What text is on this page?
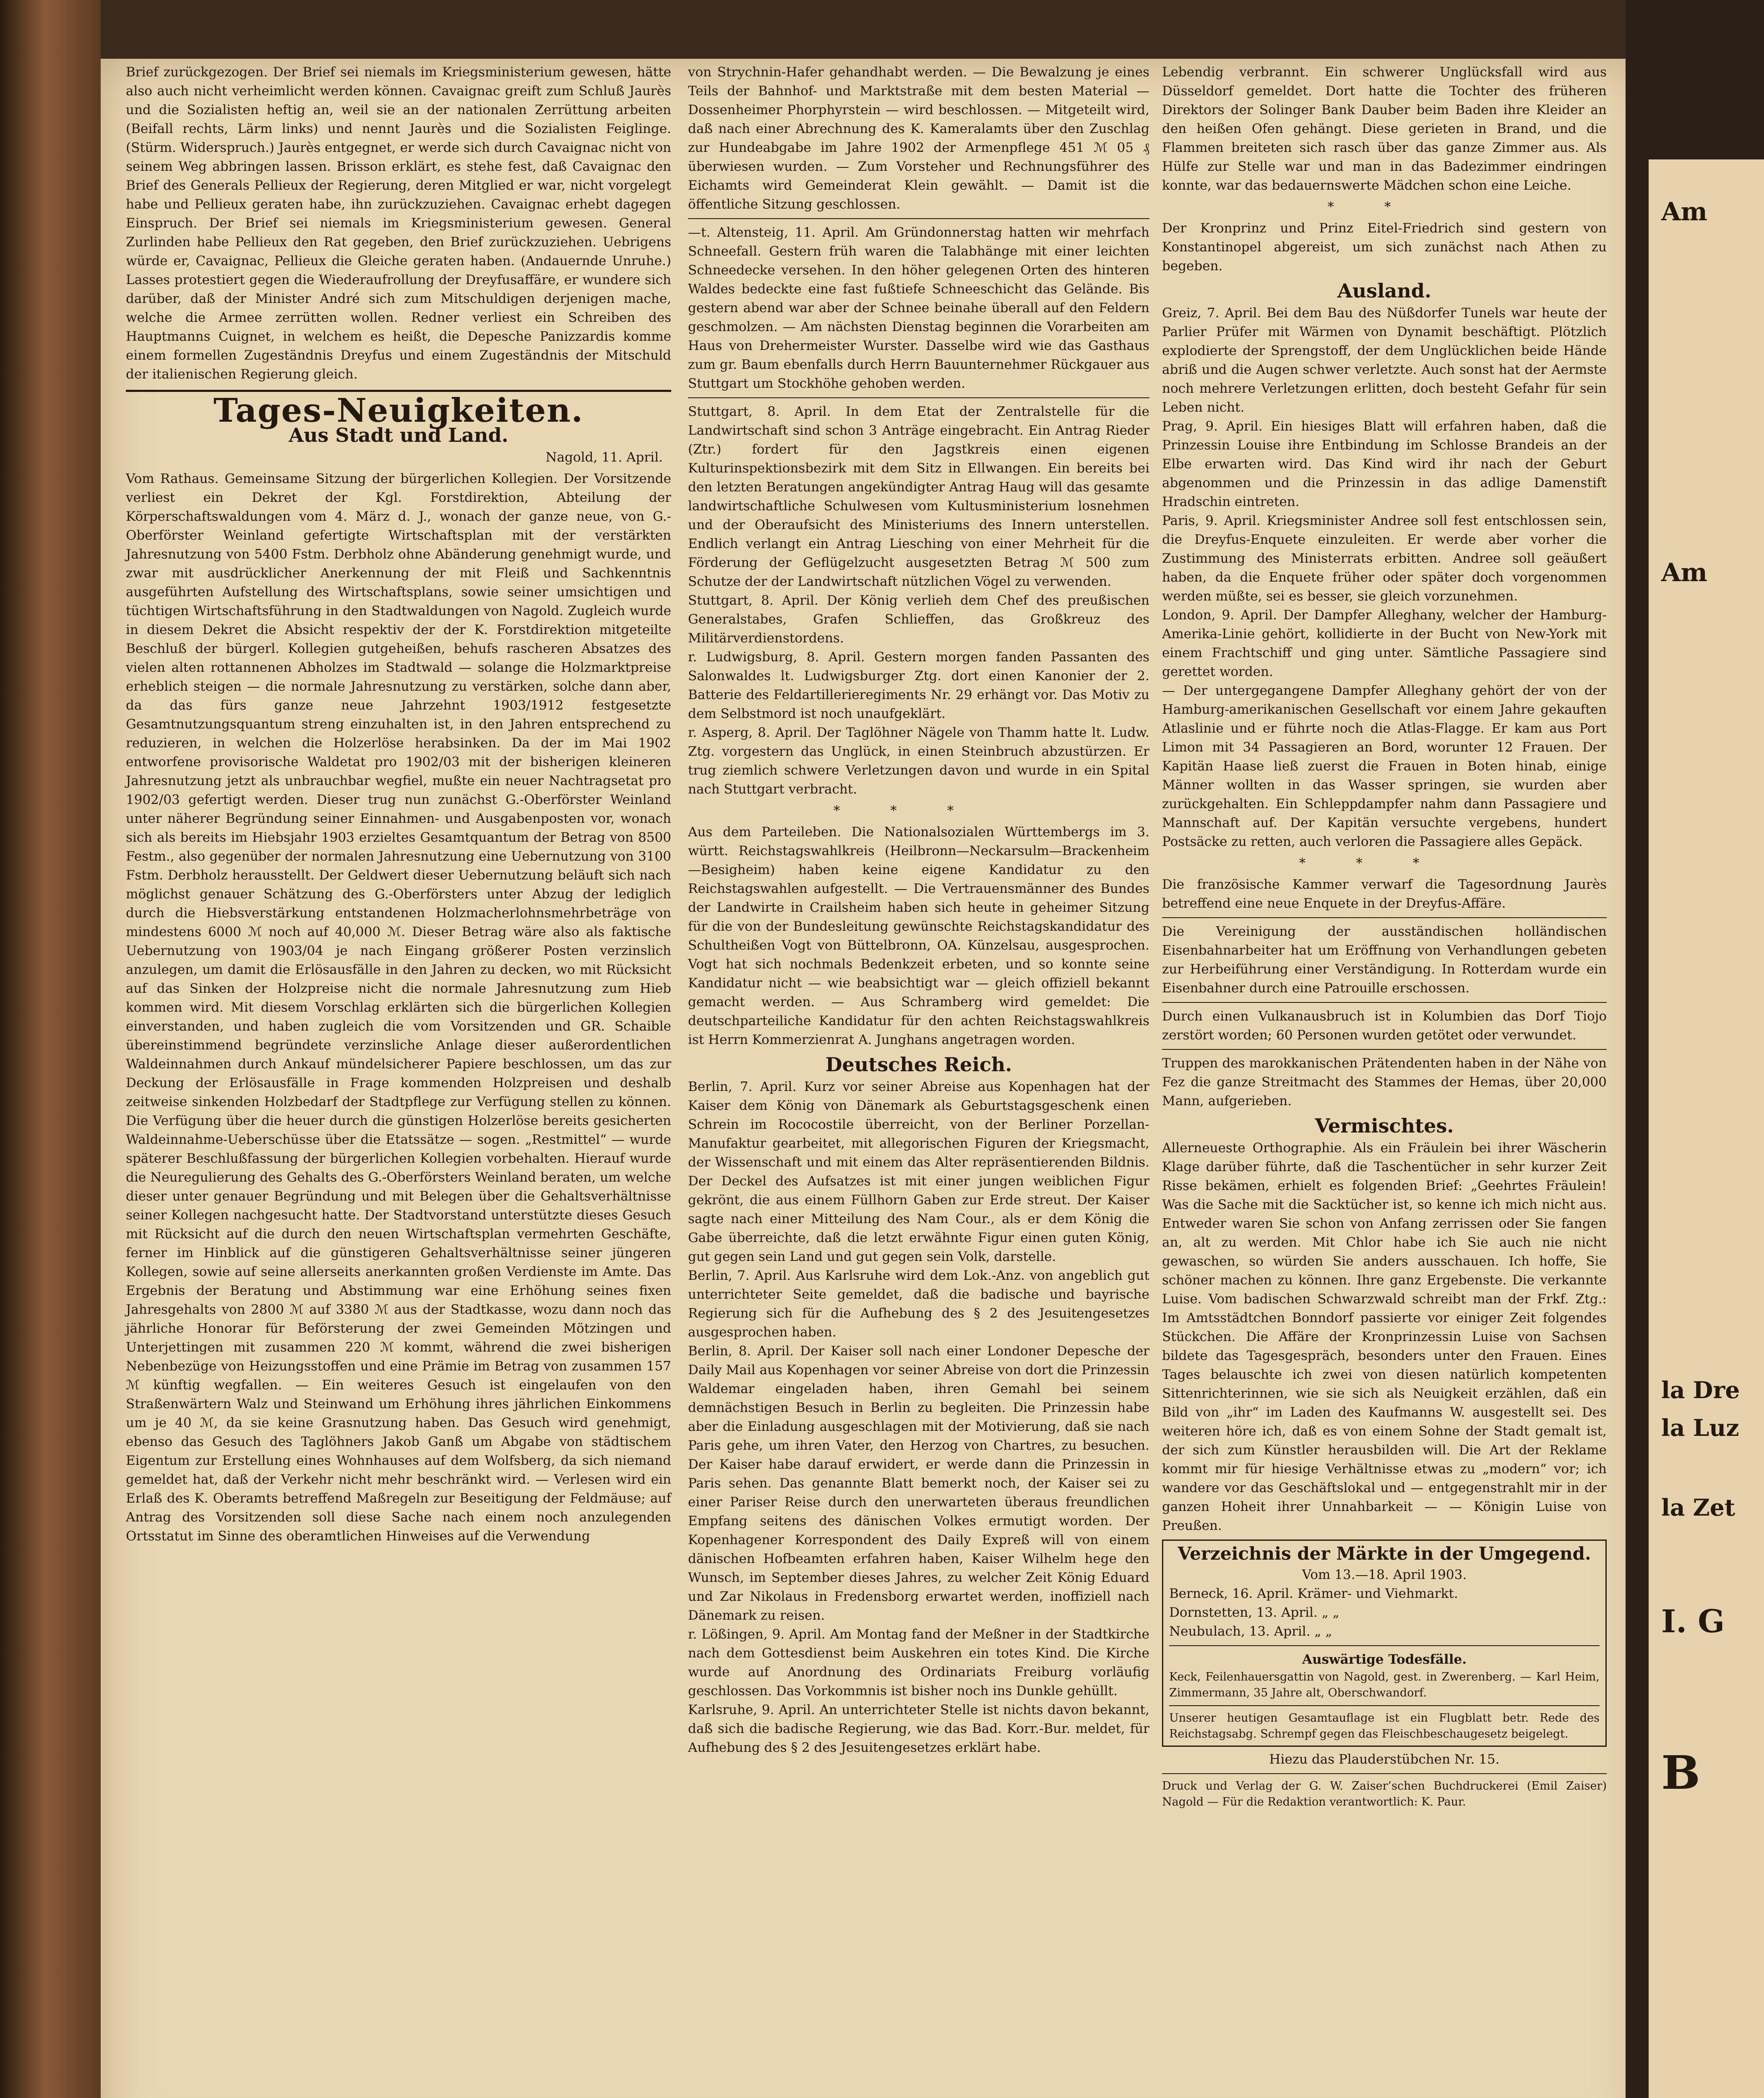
Am
Am
la Dre
la Luz
la Zet
I. G
B

Brief zurückgezogen. Der Brief sei niemals im Kriegsministerium gewesen, hätte also auch nicht verheimlicht werden können. Cavaignac greift zum Schluß Jaurès und die Sozialisten heftig an, weil sie an der nationalen Zerrüttung arbeiten (Beifall rechts, Lärm links) und nennt Jaurès und die Sozialisten Feiglinge. (Stürm. Widerspruch.) Jaurès entgegnet, er werde sich durch Cavaignac nicht von seinem Weg abbringen lassen. Brisson erklärt, es stehe fest, daß Cavaignac den Brief des Generals Pellieux der Regierung, deren Mitglied er war, nicht vorgelegt habe und Pellieux geraten habe, ihn zurückzuziehen. Cavaignac erhebt dagegen Einspruch. Der Brief sei niemals im Kriegsministerium gewesen. General Zurlinden habe Pellieux den Rat gegeben, den Brief zurückzuziehen. Uebrigens würde er, Cavaignac, Pellieux die Gleiche geraten haben. (Andauernde Unruhe.) Lasses protestiert gegen die Wiederaufrollung der Dreyfusaffäre, er wundere sich darüber, daß der Minister André sich zum Mitschuldigen derjenigen mache, welche die Armee zerrütten wollen. Redner verliest ein Schreiben des Hauptmanns Cuignet, in welchem es heißt, die Depesche Panizzardis komme einem formellen Zugeständnis Dreyfus und einem Zugeständnis der Mitschuld der italienischen Regierung gleich.

Tages-Neuigkeiten.
Aus Stadt und Land.
Nagold, 11. April.

Vom Rathaus. Gemeinsame Sitzung der bürgerlichen Kollegien. Der Vorsitzende verliest ein Dekret der Kgl. Forstdirektion, Abteilung der Körperschaftswaldungen vom 4. März d. J., wonach der ganze neue, von G.-Oberförster Weinland gefertigte Wirtschaftsplan mit der verstärkten Jahresnutzung von 5400 Fstm. Derbholz ohne Abänderung genehmigt wurde, und zwar mit ausdrücklicher Anerkennung der mit Fleiß und Sachkenntnis ausgeführten Aufstellung des Wirtschaftsplans, sowie seiner umsichtigen und tüchtigen Wirtschaftsführung in den Stadtwaldungen von Nagold. Zugleich wurde in diesem Dekret die Absicht respektiv der der K. Forstdirektion mitgeteilte Beschluß der bürgerl. Kollegien gutgeheißen, behufs rascheren Absatzes des vielen alten rottannenen Abholzes im Stadtwald — solange die Holzmarktpreise erheblich steigen — die normale Jahresnutzung zu verstärken, solche dann aber, da das fürs ganze neue Jahrzehnt 1903/1912 festgesetzte Gesamtnutzungsquantum streng einzuhalten ist, in den Jahren entsprechend zu reduzieren, in welchen die Holzerlöse herabsinken. Da der im Mai 1902 entworfene provisorische Waldetat pro 1902/03 mit der bisherigen kleineren Jahresnutzung jetzt als unbrauchbar wegfiel, mußte ein neuer Nachtragsetat pro 1902/03 gefertigt werden. Dieser trug nun zunächst G.-Oberförster Weinland unter näherer Begründung seiner Einnahmen- und Ausgabenposten vor, wonach sich als bereits im Hiebsjahr 1903 erzieltes Gesamtquantum der Betrag von 8500 Festm., also gegenüber der normalen Jahresnutzung eine Uebernutzung von 3100 Fstm. Derbholz herausstellt. Der Geldwert dieser Uebernutzung beläuft sich nach möglichst genauer Schätzung des G.-Oberförsters unter Abzug der lediglich durch die Hiebsverstärkung entstandenen Holzmacherlohnsmehrbeträge von mindestens 6000 ℳ noch auf 40,000 ℳ. Dieser Betrag wäre also als faktische Uebernutzung von 1903/04 je nach Eingang größerer Posten verzinslich anzulegen, um damit die Erlösausfälle in den Jahren zu decken, wo mit Rücksicht auf das Sinken der Holzpreise nicht die normale Jahresnutzung zum Hieb kommen wird. Mit diesem Vorschlag erklärten sich die bürgerlichen Kollegien einverstanden, und haben zugleich die vom Vorsitzenden und GR. Schaible übereinstimmend begründete verzinsliche Anlage dieser außerordentlichen Waldeinnahmen durch Ankauf mündelsicherer Papiere beschlossen, um das zur Deckung der Erlösausfälle in Frage kommenden Holzpreisen und deshalb zeitweise sinkenden Holzbedarf der Stadtpflege zur Verfügung stellen zu können. Die Verfügung über die heuer durch die günstigen Holzerlöse bereits gesicherten Waldeinnahme-Ueberschüsse über die Etatssätze — sogen. „Restmittel“ — wurde späterer Beschlußfassung der bürgerlichen Kollegien vorbehalten. Hierauf wurde die Neuregulierung des Gehalts des G.-Oberförsters Weinland beraten, um welche dieser unter genauer Begründung und mit Belegen über die Gehaltsverhältnisse seiner Kollegen nachgesucht hatte. Der Stadtvorstand unterstützte dieses Gesuch mit Rücksicht auf die durch den neuen Wirtschaftsplan vermehrten Geschäfte, ferner im Hinblick auf die günstigeren Gehaltsverhältnisse seiner jüngeren Kollegen, sowie auf seine allerseits anerkannten großen Verdienste im Amte. Das Ergebnis der Beratung und Abstimmung war eine Erhöhung seines fixen Jahresgehalts von 2800 ℳ auf 3380 ℳ aus der Stadtkasse, wozu dann noch das jährliche Honorar für Beförsterung der zwei Gemeinden Mötzingen und Unterjettingen mit zusammen 220 ℳ kommt, während die zwei bisherigen Nebenbezüge von Heizungsstoffen und eine Prämie im Betrag von zusammen 157 ℳ künftig wegfallen. — Ein weiteres Gesuch ist eingelaufen von den Straßenwärtern Walz und Steinwand um Erhöhung ihres jährlichen Einkommens um je 40 ℳ, da sie keine Grasnutzung haben. Das Gesuch wird genehmigt, ebenso das Gesuch des Taglöhners Jakob Ganß um Abgabe von städtischem Eigentum zur Erstellung eines Wohnhauses auf dem Wolfsberg, da sich niemand gemeldet hat, daß der Verkehr nicht mehr beschränkt wird. — Verlesen wird ein Erlaß des K. Oberamts betreffend Maßregeln zur Beseitigung der Feldmäuse; auf Antrag des Vorsitzenden soll diese Sache nach einem noch anzulegenden Ortsstatut im Sinne des oberamtlichen Hinweises auf die Verwendung

von Strychnin-Hafer gehandhabt werden. — Die Bewalzung je eines Teils der Bahnhof- und Marktstraße mit dem besten Material — Dossenheimer Phorphyrstein — wird beschlossen. — Mitgeteilt wird, daß nach einer Abrechnung des K. Kameralamts über den Zuschlag zur Hundeabgabe im Jahre 1902 der Armenpflege 451 ℳ 05 ₰ überwiesen wurden. — Zum Vorsteher und Rechnungsführer des Eichamts wird Gemeinderat Klein gewählt. — Damit ist die öffentliche Sitzung geschlossen.

—t. Altensteig, 11. April. Am Gründonnerstag hatten wir mehrfach Schneefall. Gestern früh waren die Talabhänge mit einer leichten Schneedecke versehen. In den höher gelegenen Orten des hinteren Waldes bedeckte eine fast fußtiefe Schneeschicht das Gelände. Bis gestern abend war aber der Schnee beinahe überall auf den Feldern geschmolzen. — Am nächsten Dienstag beginnen die Vorarbeiten am Haus von Drehermeister Wurster. Dasselbe wird wie das Gasthaus zum gr. Baum ebenfalls durch Herrn Bauunternehmer Rückgauer aus Stuttgart um Stockhöhe gehoben werden.

Stuttgart, 8. April. In dem Etat der Zentralstelle für die Landwirtschaft sind schon 3 Anträge eingebracht. Ein Antrag Rieder (Ztr.) fordert für den Jagstkreis einen eigenen Kulturinspektionsbezirk mit dem Sitz in Ellwangen. Ein bereits bei den letzten Beratungen angekündigter Antrag Haug will das gesamte landwirtschaftliche Schulwesen vom Kultusministerium losnehmen und der Oberaufsicht des Ministeriums des Innern unterstellen. Endlich verlangt ein Antrag Liesching von einer Mehrheit für die Förderung der Geflügelzucht ausgesetzten Betrag ℳ 500 zum Schutze der der Landwirtschaft nützlichen Vögel zu verwenden.
Stuttgart, 8. April. Der König verlieh dem Chef des preußischen Generalstabes, Grafen Schlieffen, das Großkreuz des Militärverdienstordens.
r. Ludwigsburg, 8. April. Gestern morgen fanden Passanten des Salonwaldes lt. Ludwigsburger Ztg. dort einen Kanonier der 2. Batterie des Feldartillerieregiments Nr. 29 erhängt vor. Das Motiv zu dem Selbstmord ist noch unaufgeklärt.
r. Asperg, 8. April. Der Taglöhner Nägele von Thamm hatte lt. Ludw. Ztg. vorgestern das Unglück, in einen Steinbruch abzustürzen. Er trug ziemlich schwere Verletzungen davon und wurde in ein Spital nach Stuttgart verbracht.
***

Aus dem Parteileben. Die Nationalsozialen Württembergs im 3. württ. Reichstagswahlkreis (Heilbronn—Neckarsulm—Brackenheim—Besigheim) haben keine eigene Kandidatur zu den Reichstagswahlen aufgestellt. — Die Vertrauensmänner des Bundes der Landwirte in Crailsheim haben sich heute in geheimer Sitzung für die von der Bundesleitung gewünschte Reichstagskandidatur des Schultheißen Vogt von Büttelbronn, OA. Künzelsau, ausgesprochen. Vogt hat sich nochmals Bedenkzeit erbeten, und so konnte seine Kandidatur nicht — wie beabsichtigt war — gleich offiziell bekannt gemacht werden. — Aus Schramberg wird gemeldet: Die deutschparteiliche Kandidatur für den achten Reichstagswahlkreis ist Herrn Kommerzienrat A. Junghans angetragen worden.

Deutsches Reich.
Berlin, 7. April. Kurz vor seiner Abreise aus Kopenhagen hat der Kaiser dem König von Dänemark als Geburtstagsgeschenk einen Schrein im Rococostile überreicht, von der Berliner Porzellan-Manufaktur gearbeitet, mit allegorischen Figuren der Kriegsmacht, der Wissenschaft und mit einem das Alter repräsentierenden Bildnis. Der Deckel des Aufsatzes ist mit einer jungen weiblichen Figur gekrönt, die aus einem Füllhorn Gaben zur Erde streut. Der Kaiser sagte nach einer Mitteilung des Nam Cour., als er dem König die Gabe überreichte, daß die letzt erwähnte Figur einen guten König, gut gegen sein Land und gut gegen sein Volk, darstelle.
Berlin, 7. April. Aus Karlsruhe wird dem Lok.-Anz. von angeblich gut unterrichteter Seite gemeldet, daß die badische und bayrische Regierung sich für die Aufhebung des § 2 des Jesuitengesetzes ausgesprochen haben.
Berlin, 8. April. Der Kaiser soll nach einer Londoner Depesche der Daily Mail aus Kopenhagen vor seiner Abreise von dort die Prinzessin Waldemar eingeladen haben, ihren Gemahl bei seinem demnächstigen Besuch in Berlin zu begleiten. Die Prinzessin habe aber die Einladung ausgeschlagen mit der Motivierung, daß sie nach Paris gehe, um ihren Vater, den Herzog von Chartres, zu besuchen. Der Kaiser habe darauf erwidert, er werde dann die Prinzessin in Paris sehen. Das genannte Blatt bemerkt noch, der Kaiser sei zu einer Pariser Reise durch den unerwarteten überaus freundlichen Empfang seitens des dänischen Volkes ermutigt worden. Der Kopenhagener Korrespondent des Daily Expreß will von einem dänischen Hofbeamten erfahren haben, Kaiser Wilhelm hege den Wunsch, im September dieses Jahres, zu welcher Zeit König Eduard und Zar Nikolaus in Fredensborg erwartet werden, inoffiziell nach Dänemark zu reisen.
r. Lößingen, 9. April. Am Montag fand der Meßner in der Stadtkirche nach dem Gottesdienst beim Auskehren ein totes Kind. Die Kirche wurde auf Anordnung des Ordinariats Freiburg vorläufig geschlossen. Das Vorkommnis ist bisher noch ins Dunkle gehüllt.
Karlsruhe, 9. April. An unterrichteter Stelle ist nichts davon bekannt, daß sich die badische Regierung, wie das Bad. Korr.-Bur. meldet, für Aufhebung des § 2 des Jesuitengesetzes erklärt habe.

Lebendig verbrannt. Ein schwerer Unglücksfall wird aus Düsseldorf gemeldet. Dort hatte die Tochter des früheren Direktors der Solinger Bank Dauber beim Baden ihre Kleider an den heißen Ofen gehängt. Diese gerieten in Brand, und die Flammen breiteten sich rasch über das ganze Zimmer aus. Als Hülfe zur Stelle war und man in das Badezimmer eindringen konnte, war das bedauernswerte Mädchen schon eine Leiche.

**

Der Kronprinz und Prinz Eitel-Friedrich sind gestern von Konstantinopel abgereist, um sich zunächst nach Athen zu begeben.

Ausland.
Greiz, 7. April. Bei dem Bau des Nüßdorfer Tunels war heute der Parlier Prüfer mit Wärmen von Dynamit beschäftigt. Plötzlich explodierte der Sprengstoff, der dem Unglücklichen beide Hände abriß und die Augen schwer verletzte. Auch sonst hat der Aermste noch mehrere Verletzungen erlitten, doch besteht Gefahr für sein Leben nicht.
Prag, 9. April. Ein hiesiges Blatt will erfahren haben, daß die Prinzessin Louise ihre Entbindung im Schlosse Brandeis an der Elbe erwarten wird. Das Kind wird ihr nach der Geburt abgenommen und die Prinzessin in das adlige Damenstift Hradschin eintreten.
Paris, 9. April. Kriegsminister Andree soll fest entschlossen sein, die Dreyfus-Enquete einzuleiten. Er werde aber vorher die Zustimmung des Ministerrats erbitten. Andree soll geäußert haben, da die Enquete früher oder später doch vorgenommen werden müßte, sei es besser, sie gleich vorzunehmen.
London, 9. April. Der Dampfer Alleghany, welcher der Hamburg-Amerika-Linie gehört, kollidierte in der Bucht von New-York mit einem Frachtschiff und ging unter. Sämtliche Passagiere sind gerettet worden.
— Der untergegangene Dampfer Alleghany gehört der von der Hamburg-amerikanischen Gesellschaft vor einem Jahre gekauften Atlaslinie und er führte noch die Atlas-Flagge. Er kam aus Port Limon mit 34 Passagieren an Bord, worunter 12 Frauen. Der Kapitän Haase ließ zuerst die Frauen in Boten hinab, einige Männer wollten in das Wasser springen, sie wurden aber zurückgehalten. Ein Schleppdampfer nahm dann Passagiere und Mannschaft auf. Der Kapitän versuchte vergebens, hundert Postsäcke zu retten, auch verloren die Passagiere alles Gepäck.
***

Die französische Kammer verwarf die Tagesordnung Jaurès betreffend eine neue Enquete in der Dreyfus-Affäre.

Die Vereinigung der ausständischen holländischen Eisenbahnarbeiter hat um Eröffnung von Verhandlungen gebeten zur Herbeiführung einer Verständigung. In Rotterdam wurde ein Eisenbahner durch eine Patrouille erschossen.

Durch einen Vulkanausbruch ist in Kolumbien das Dorf Tiojo zerstört worden; 60 Personen wurden getötet oder verwundet.

Truppen des marokkanischen Prätendenten haben in der Nähe von Fez die ganze Streitmacht des Stammes der Hemas, über 20,000 Mann, aufgerieben.

Vermischtes.

Allerneueste Orthographie. Als ein Fräulein bei ihrer Wäscherin Klage darüber führte, daß die Taschentücher in sehr kurzer Zeit Risse bekämen, erhielt es folgenden Brief: „Geehrtes Fräulein! Was die Sache mit die Sacktücher ist, so kenne ich mich nicht aus. Entweder waren Sie schon von Anfang zerrissen oder Sie fangen an, alt zu werden. Mit Chlor habe ich Sie auch nie nicht gewaschen, so würden Sie anders ausschauen. Ich hoffe, Sie schöner machen zu können. Ihre ganz Ergebenste. Die verkannte Luise. Vom badischen Schwarzwald schreibt man der Frkf. Ztg.: Im Amtsstädtchen Bonndorf passierte vor einiger Zeit folgendes Stückchen. Die Affäre der Kronprinzessin Luise von Sachsen bildete das Tagesgespräch, besonders unter den Frauen. Eines Tages belauschte ich zwei von diesen natürlich kompetenten Sittenrichterinnen, wie sie sich als Neuigkeit erzählen, daß ein Bild von „ihr“ im Laden des Kaufmanns W. ausgestellt sei. Des weiteren höre ich, daß es von einem Sohne der Stadt gemalt ist, der sich zum Künstler herausbilden will. Die Art der Reklame kommt mir für hiesige Verhältnisse etwas zu „modern“ vor; ich wandere vor das Geschäftslokal und — entgegenstrahlt mir in der ganzen Hoheit ihrer Unnahbarkeit — — Königin Luise von Preußen.

Verzeichnis der Märkte in der Umgegend.
Vom 13.—18. April 1903.
Berneck, 16. April. Krämer- und Viehmarkt.
Dornstetten, 13. April. „ „
Neubulach, 13. April. „ „
Auswärtige Todesfälle.

Keck, Feilenhauersgattin von Nagold, gest. in Zwerenberg. — Karl Heim, Zimmermann, 35 Jahre alt, Oberschwandorf.

Unserer heutigen Gesamtauflage ist ein Flugblatt betr. Rede des Reichstagsabg. Schrempf gegen das Fleischbeschaugesetz beigelegt.

Hiezu das Plauderstübchen Nr. 15.

Druck und Verlag der G. W. Zaiser’schen Buchdruckerei (Emil Zaiser) Nagold — Für die Redaktion verantwortlich: K. Paur.
